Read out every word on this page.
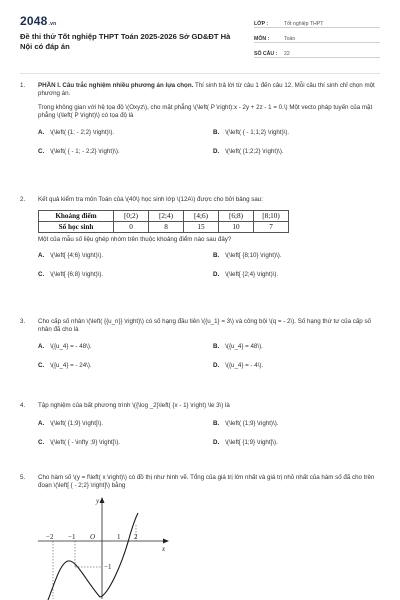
2048.vn
Đề thi thử Tốt nghiệp THPT Toán 2025-2026 Sở GD&ĐT Hà Nội có đáp án
LỚP :	Tốt nghiệp THPT
MÔN :	Toán
SỐ CÂU :	22
1.	PHẦN I. Câu trắc nghiệm nhiều phương án lựa chọn. Thí sinh trả lời từ câu 1 đến câu 12. Mỗi câu thí sinh chỉ chọn một phương án.

Trong không gian với hệ tọa độ \(Oxyz\), cho mặt phẳng \(\left( P \right):x - 2y + 2z - 1 = 0.\) Một vecto pháp tuyến của mặt phẳng \(\left( P \right)\) có tọa độ là

A. \(\left( {1; - 2;2} \right)\).	B. \(\left( { - 1;1;2} \right)\).
C. \(\left( { - 1; - 2;2} \right)\).	D. \(\left( {1;2;2} \right)\).
2.	Kết quả kiểm tra môn Toán của \(40\) học sinh lớp \(12A\) được cho bởi bảng sau:

Khoảng điểm	[0;2)	[2;4)	[4;6)	[6;8)	[8;10)
Số học sinh	0	8	15	10	7

Một của mẫu số liệu ghép nhóm trên thuộc khoảng điểm nào sau đây?

A. \(\left[ {4;6} \right)\).	B. \(\left[ {8;10} \right)\).
C. \(\left[ {6;8} \right)\).	D. \(\left[ {2;4} \right)\).
3.	Cho cấp số nhân \(\left( {{u_n}} \right)\) có số hạng đầu tiên \({u_1} = 3\) và công bội \(q = - 2\). Số hạng thứ tư của cấp số nhân đã cho là

A. \({u_4} = - 48\).	B. \({u_4} = 48\).
C. \({u_4} = - 24\).	D. \({u_4} = - 4\).
4.	Tập nghiệm của bất phương trình \({\log _2}\left( {x - 1} \right) \le 3\) là

A. \(\left( {1;9} \right]\).	B. \(\left( {1;9} \right)\).
C. \(\left( { - \infty ;9} \right]\).	D. \(\left[ {1;9} \right]\).
5.	Cho hàm số \(y = f\left( x \right)\) có đồ thị như hình vẽ. Tổng của giá trị lớn nhất và giá trị nhỏ nhất của hàm số đã cho trên đoạn \(\left[ { - 2;2} \right]\) bằng

y
x
O
−2 −1	1 2
−1
